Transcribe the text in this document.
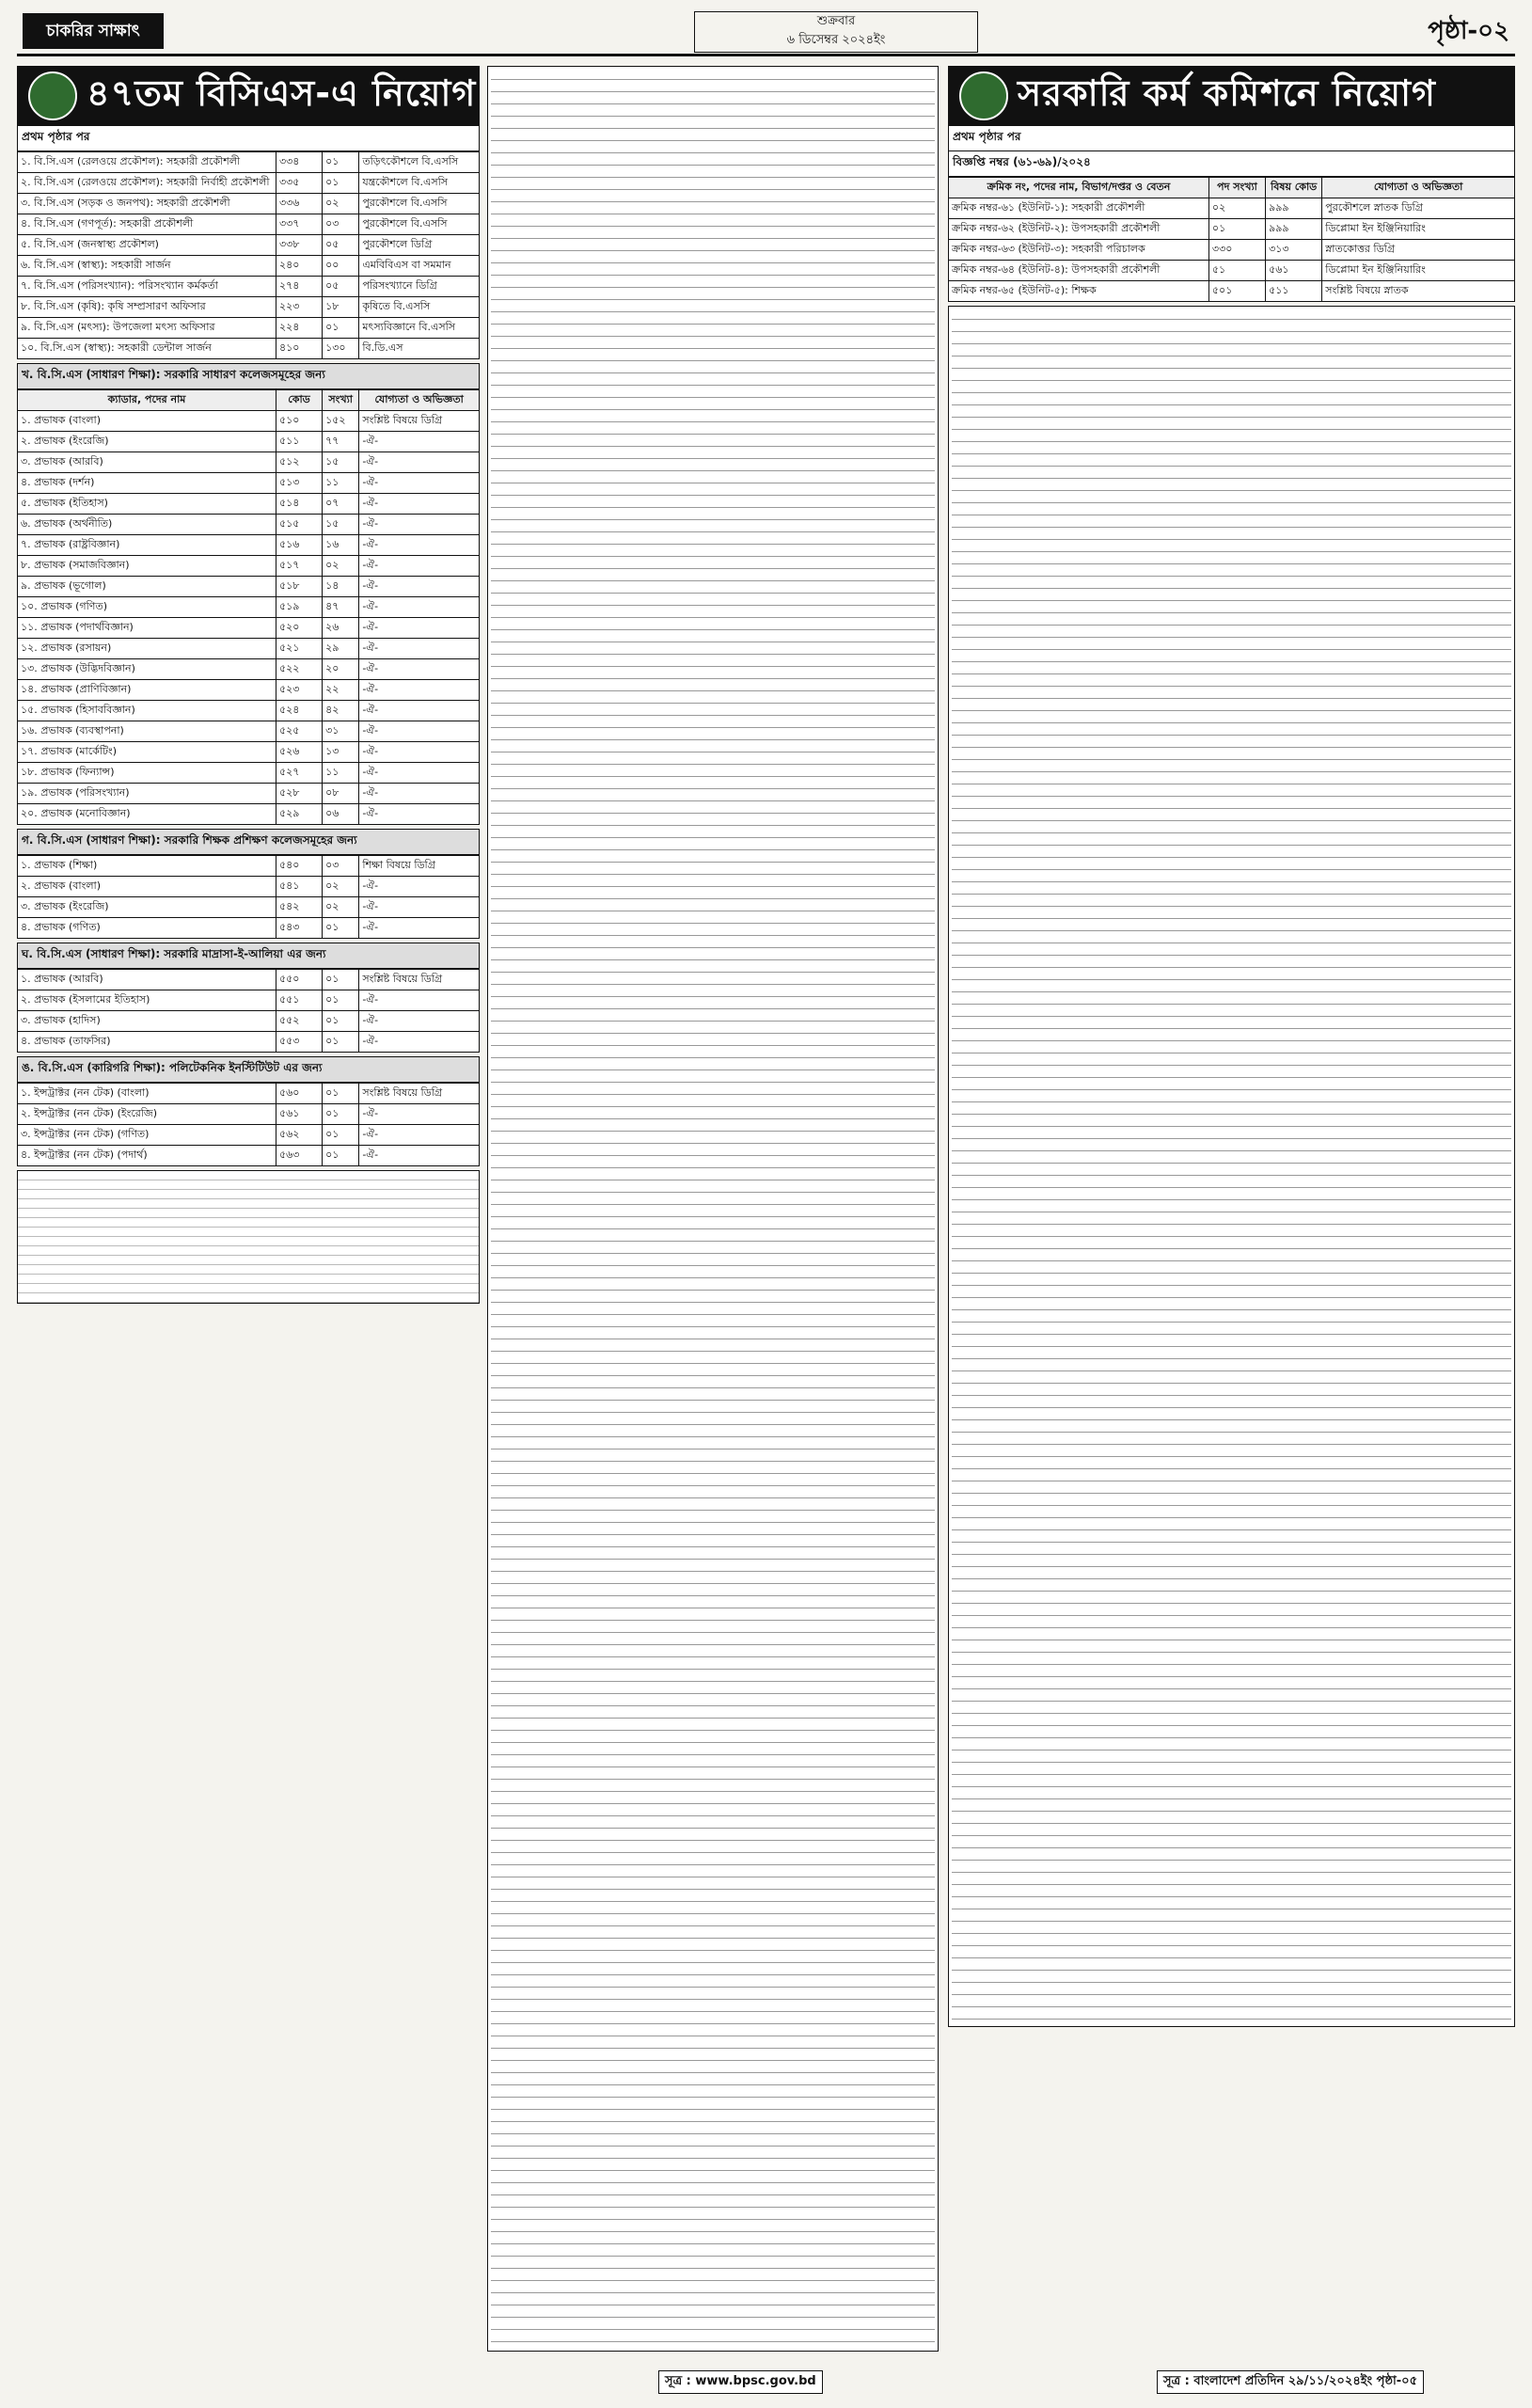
চাকরির সাক্ষাৎ
শুক্রবার
৬ ডিসেম্বর ২০২৪ইং	পৃষ্ঠা-০২
৪৭তম বিসিএস-এ নিয়োগ
প্রথম পৃষ্ঠার পর
১. বি.সি.এস (রেলওয়ে প্রকৌশল): সহকারী প্রকৌশলী	৩৩৪	০১	তড়িৎকৌশলে বি.এসসি
২. বি.সি.এস (রেলওয়ে প্রকৌশল): সহকারী নির্বাহী প্রকৌশলী	৩৩৫	০১	যন্ত্রকৌশলে বি.এসসি
৩. বি.সি.এস (সড়ক ও জনপথ): সহকারী প্রকৌশলী	৩৩৬	০২	পুরকৌশলে বি.এসসি
৪. বি.সি.এস (গণপূর্ত): সহকারী প্রকৌশলী	৩৩৭	০৩	পুরকৌশলে বি.এসসি
৫. বি.সি.এস (জনস্বাস্থ্য প্রকৌশল)	৩৩৮	০৫	পুরকৌশলে ডিগ্রি
৬. বি.সি.এস (স্বাস্থ্য): সহকারী সার্জন	২৪০	০০	এমবিবিএস বা সমমান
৭. বি.সি.এস (পরিসংখ্যান): পরিসংখ্যান কর্মকর্তা	২৭৪	০৫	পরিসংখ্যানে ডিগ্রি
৮. বি.সি.এস (কৃষি): কৃষি সম্প্রসারণ অফিসার	২২৩	১৮	কৃষিতে বি.এসসি
৯. বি.সি.এস (মৎস্য): উপজেলা মৎস্য অফিসার	২২৪	০১	মৎস্যবিজ্ঞানে বি.এসসি
১০. বি.সি.এস (স্বাস্থ্য): সহকারী ডেন্টাল সার্জন	৪১০	১৩০	বি.ডি.এস
খ. বি.সি.এস (সাধারণ শিক্ষা): সরকারি সাধারণ কলেজসমূহের জন্য
ক্যাডার, পদের নাম	কোড	সংখ্যা	যোগ্যতা ও অভিজ্ঞতা
১. প্রভাষক (বাংলা)	৫১০	১৫২	সংশ্লিষ্ট বিষয়ে ডিগ্রি
২. প্রভাষক (ইংরেজি)	৫১১	৭৭	-ঐ-
৩. প্রভাষক (আরবি)	৫১২	১৫	-ঐ-
৪. প্রভাষক (দর্শন)	৫১৩	১১	-ঐ-
৫. প্রভাষক (ইতিহাস)	৫১৪	০৭	-ঐ-
৬. প্রভাষক (অর্থনীতি)	৫১৫	১৫	-ঐ-
৭. প্রভাষক (রাষ্ট্রবিজ্ঞান)	৫১৬	১৬	-ঐ-
৮. প্রভাষক (সমাজবিজ্ঞান)	৫১৭	০২	-ঐ-
৯. প্রভাষক (ভূগোল)	৫১৮	১৪	-ঐ-
১০. প্রভাষক (গণিত)	৫১৯	৪৭	-ঐ-
১১. প্রভাষক (পদার্থবিজ্ঞান)	৫২০	২৬	-ঐ-
১২. প্রভাষক (রসায়ন)	৫২১	২৯	-ঐ-
১৩. প্রভাষক (উদ্ভিদবিজ্ঞান)	৫২২	২০	-ঐ-
১৪. প্রভাষক (প্রাণিবিজ্ঞান)	৫২৩	২২	-ঐ-
১৫. প্রভাষক (হিসাববিজ্ঞান)	৫২৪	৪২	-ঐ-
১৬. প্রভাষক (ব্যবস্থাপনা)	৫২৫	৩১	-ঐ-
১৭. প্রভাষক (মার্কেটিং)	৫২৬	১৩	-ঐ-
১৮. প্রভাষক (ফিন্যান্স)	৫২৭	১১	-ঐ-
১৯. প্রভাষক (পরিসংখ্যান)	৫২৮	০৮	-ঐ-
২০. প্রভাষক (মনোবিজ্ঞান)	৫২৯	০৬	-ঐ-
গ. বি.সি.এস (সাধারণ শিক্ষা): সরকারি শিক্ষক প্রশিক্ষণ কলেজসমূহের জন্য
১. প্রভাষক (শিক্ষা)	৫৪০	০৩	শিক্ষা বিষয়ে ডিগ্রি
২. প্রভাষক (বাংলা)	৫৪১	০২	-ঐ-
৩. প্রভাষক (ইংরেজি)	৫৪২	০২	-ঐ-
৪. প্রভাষক (গণিত)	৫৪৩	০১	-ঐ-
ঘ. বি.সি.এস (সাধারণ শিক্ষা): সরকারি মাদ্রাসা-ই-আলিয়া এর জন্য
১. প্রভাষক (আরবি)	৫৫০	০১	সংশ্লিষ্ট বিষয়ে ডিগ্রি
২. প্রভাষক (ইসলামের ইতিহাস)	৫৫১	০১	-ঐ-
৩. প্রভাষক (হাদিস)	৫৫২	০১	-ঐ-
৪. প্রভাষক (তাফসির)	৫৫৩	০১	-ঐ-
ঙ. বি.সি.এস (কারিগরি শিক্ষা): পলিটেকনিক ইনস্টিটিউট এর জন্য
১. ইন্সট্রাক্টর (নন টেক) (বাংলা)	৫৬০	০১	সংশ্লিষ্ট বিষয়ে ডিগ্রি
২. ইন্সট্রাক্টর (নন টেক) (ইংরেজি)	৫৬১	০১	-ঐ-
৩. ইন্সট্রাক্টর (নন টেক) (গণিত)	৫৬২	০১	-ঐ-
৪. ইন্সট্রাক্টর (নন টেক) (পদার্থ)	৫৬৩	০১	-ঐ-
সরকারি কর্ম কমিশনে নিয়োগ
প্রথম পৃষ্ঠার পর
বিজ্ঞপ্তি নম্বর (৬১-৬৯)/২০২৪
ক্রমিক নং, পদের নাম, বিভাগ/দপ্তর ও বেতন	পদ সংখ্যা	বিষয় কোড	যোগ্যতা ও অভিজ্ঞতা
ক্রমিক নম্বর-৬১ (ইউনিট-১): সহকারী প্রকৌশলী	০২	৯৯৯	পুরকৌশলে স্নাতক ডিগ্রি
ক্রমিক নম্বর-৬২ (ইউনিট-২): উপসহকারী প্রকৌশলী	০১	৯৯৯	ডিপ্লোমা ইন ইঞ্জিনিয়ারিং
ক্রমিক নম্বর-৬৩ (ইউনিট-৩): সহকারী পরিচালক	৩৩০	৩১৩	স্নাতকোত্তর ডিগ্রি
ক্রমিক নম্বর-৬৪ (ইউনিট-৪): উপসহকারী প্রকৌশলী	৫১	৫৬১	ডিপ্লোমা ইন ইঞ্জিনিয়ারিং
ক্রমিক নম্বর-৬৫ (ইউনিট-৫): শিক্ষক	৫০১	৫১১	সংশ্লিষ্ট বিষয়ে স্নাতক
সূত্র : www.bpsc.gov.bd	সূত্র : বাংলাদেশ প্রতিদিন ২৯/১১/২০২৪ইং পৃষ্ঠা-০৫
